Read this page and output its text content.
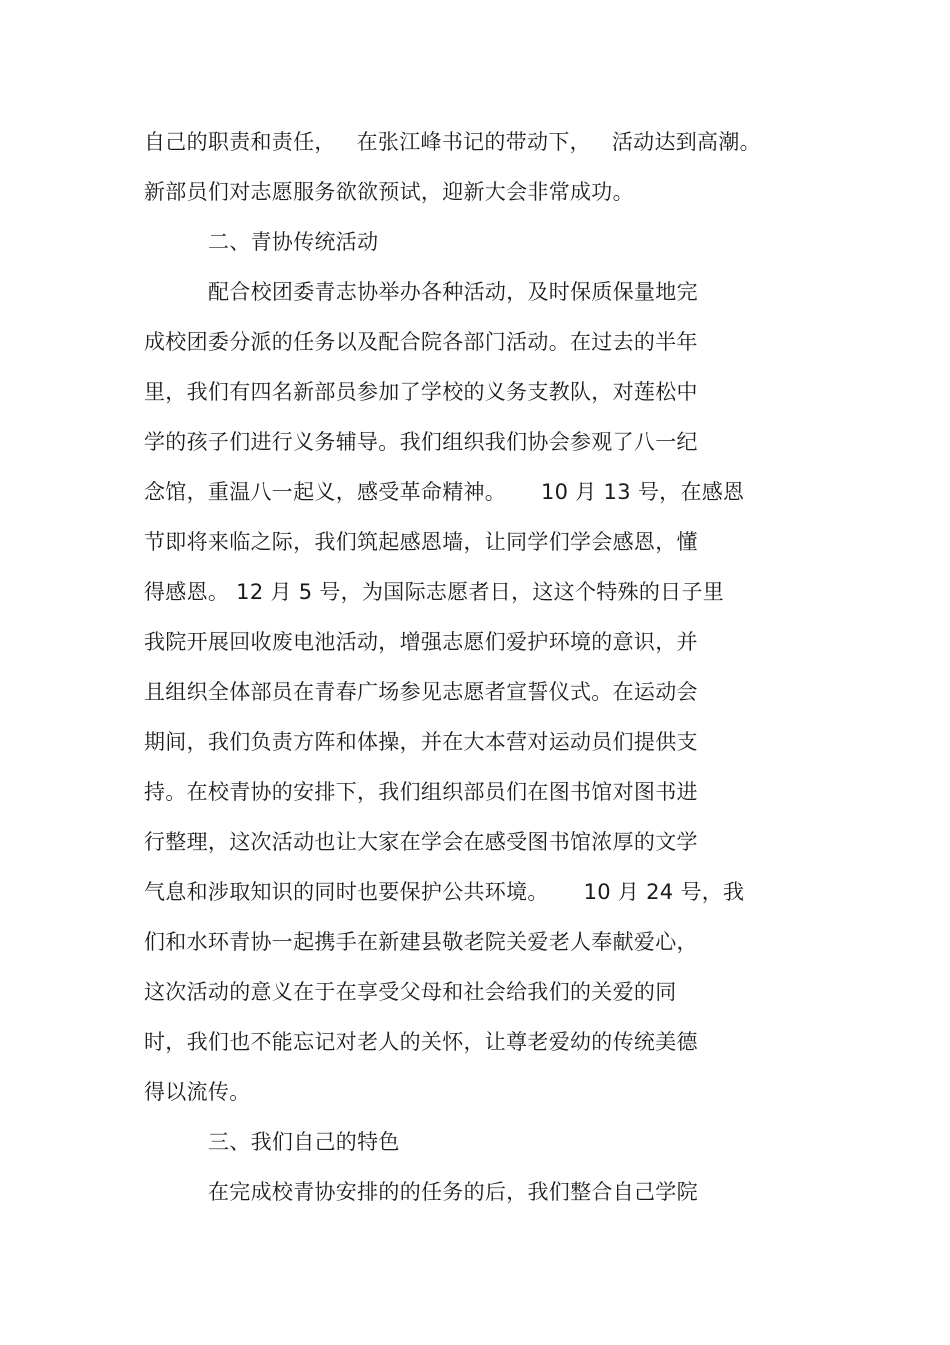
自己的职责和责任，   在张江峰书记的带动下，   活动达到高潮。
新部员们对志愿服务欲欲预试，迎新大会非常成功。
二、青协传统活动
配合校团委青志协举办各种活动，及时保质保量地完
成校团委分派的任务以及配合院各部门活动。在过去的半年
里，我们有四名新部员参加了学校的义务支教队，对莲松中
学的孩子们进行义务辅导。我们组织我们协会参观了八一纪
念馆，重温八一起义，感受革命精神。     10 月 13 号，在感恩
节即将来临之际，我们筑起感恩墙，让同学们学会感恩，懂
得感恩。 12 月 5 号，为国际志愿者日，这这个特殊的日子里
我院开展回收废电池活动，增强志愿们爱护环境的意识，并
且组织全体部员在青春广场参见志愿者宣誓仪式。在运动会
期间，我们负责方阵和体操，并在大本营对运动员们提供支
持。在校青协的安排下，我们组织部员们在图书馆对图书进
行整理，这次活动也让大家在学会在感受图书馆浓厚的文学
气息和涉取知识的同时也要保护公共环境。     10 月 24 号，我
们和水环青协一起携手在新建县敬老院关爱老人奉献爱心，
这次活动的意义在于在享受父母和社会给我们的关爱的同
时，我们也不能忘记对老人的关怀，让尊老爱幼的传统美德
得以流传。
三、我们自己的特色
在完成校青协安排的的任务的后，我们整合自己学院
